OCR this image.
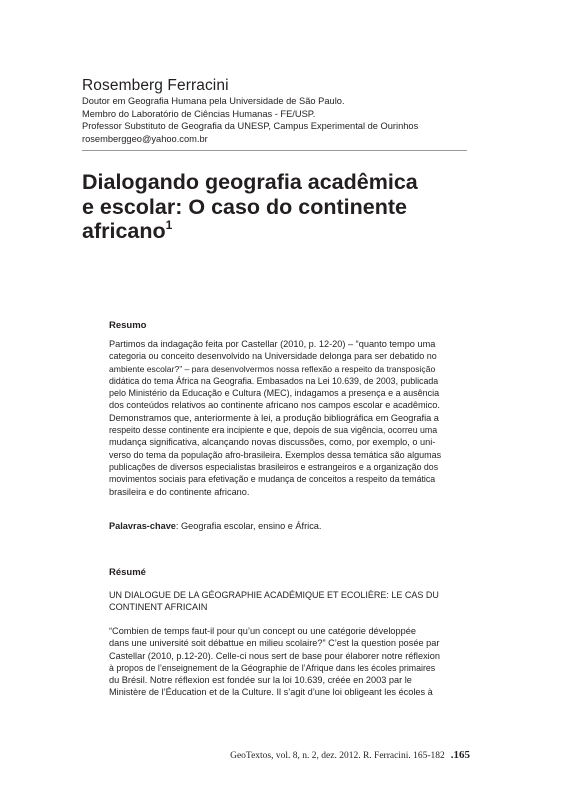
Rosemberg Ferracini
Doutor em Geografia Humana pela Universidade de São Paulo.
Membro do Laboratório de Ciências Humanas - FE/USP.
Professor Substituto de Geografia da UNESP, Campus Experimental de Ourinhos
rosemberggeo@yahoo.com.br
Dialogando geografia acadêmica
e escolar: O caso do continente
africano$^1$
Resumo
Partimos da indagação feita por Castellar (2010, p. 12-20) – “quanto tempo uma
categoria ou conceito desenvolvido na Universidade delonga para ser debatido no
ambiente escolar?” – para desenvolvermos nossa reflexão a respeito da transposição
didática do tema África na Geografia. Embasados na Lei 10.639, de 2003, publicada
pelo Ministério da Educação e Cultura (MEC), indagamos a presença e a ausência
dos conteúdos relativos ao continente africano nos campos escolar e acadêmico.
Demonstramos que, anteriormente à lei, a produção bibliográfica em Geografia a
respeito desse continente era incipiente e que, depois de sua vigência, ocorreu uma
mudança significativa, alcançando novas discussões, como, por exemplo, o uni-
verso do tema da população afro-brasileira. Exemplos dessa temática são algumas
publicações de diversos especialistas brasileiros e estrangeiros e a organização dos
movimentos sociais para efetivação e mudança de conceitos a respeito da temática
brasileira e do continente africano.
Palavras-chave: Geografia escolar, ensino e África.
Résumé
UN DIALOGUE DE LA GÉOGRAPHIE ACADÉMIQUE ET ECOLIÈRE: LE CAS DU
CONTINENT AFRICAIN
“Combien de temps faut-il pour qu’un concept ou une catégorie développée
dans une université soit débattue en milieu scolaire?” C’est la question posée par
Castellar (2010, p.12-20). Celle-ci nous sert de base pour élaborer notre réflexion
à propos de l’enseignement de la Géographie de l’Afrique dans les écoles primaires
du Brésil. Notre réflexion est fondée sur la loi 10.639, créée en 2003 par le
Ministère de l’Éducation et de la Culture. Il s’agit d’une loi obligeant les écoles à
GeoTextos, vol. 8, n. 2, dez. 2012. R. Ferracini. 165-182 .165
